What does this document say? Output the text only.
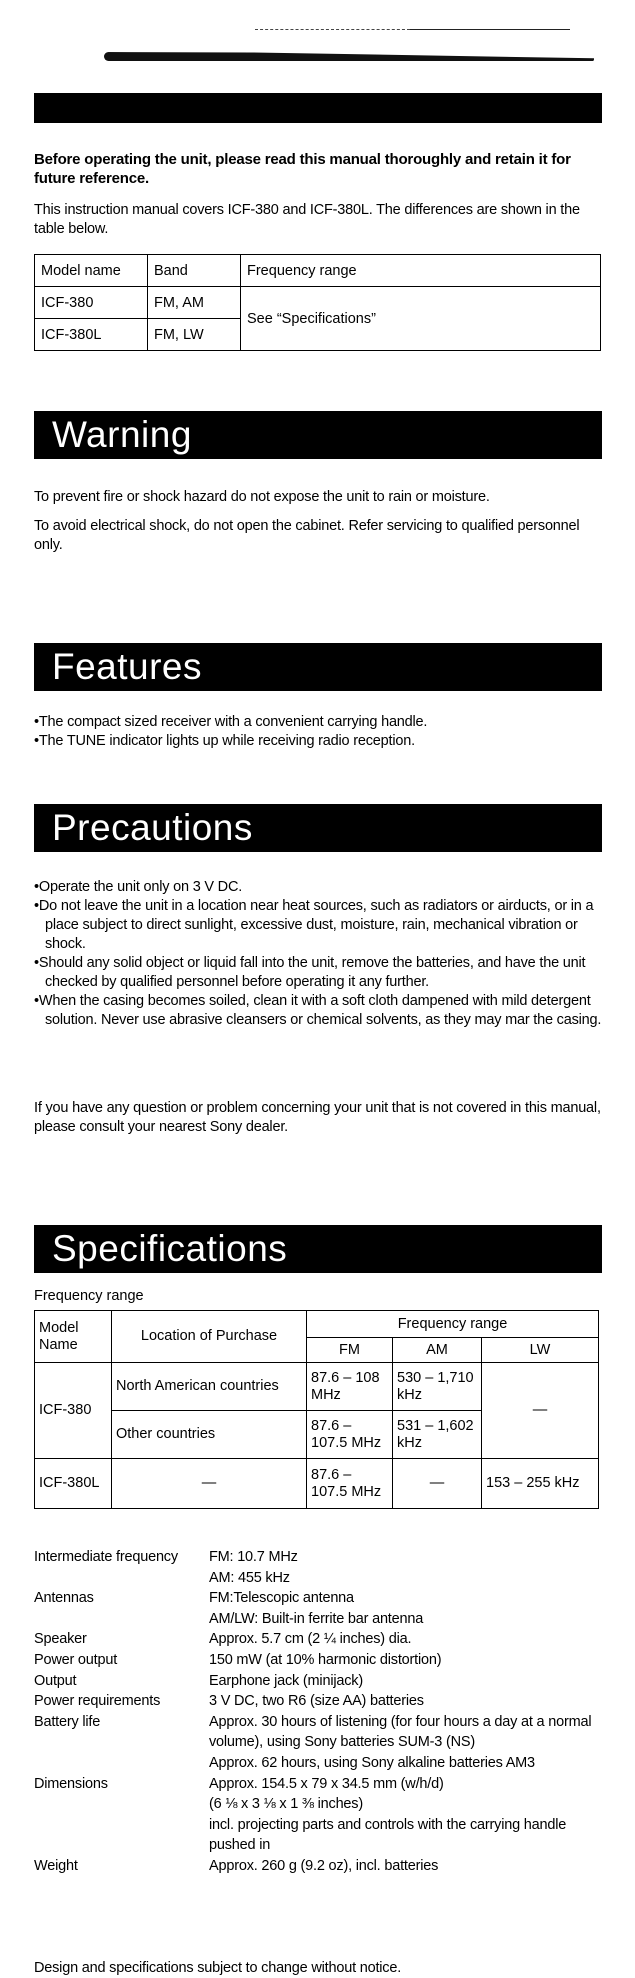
Before operating the unit, please read this manual thoroughly and retain it for future reference.
This instruction manual covers ICF-380 and ICF-380L. The differences are shown in the table below.
Model name	Band	Frequency range
ICF-380	FM, AM	See “Specifications”
ICF-380L	FM, LW	
Warning
To prevent fire or shock hazard do not expose the unit to rain or moisture.
To avoid electrical shock, do not open the cabinet. Refer servicing to qualified personnel only.
Features
•The compact sized receiver with a convenient carrying handle.
•The TUNE indicator lights up while receiving radio reception.
Precautions
•Operate the unit only on 3 V DC.
•Do not leave the unit in a location near heat sources, such as radiators or airducts, or in a place subject to direct sunlight, excessive dust, moisture, rain, mechanical vibration or shock.
•Should any solid object or liquid fall into the unit, remove the batteries, and have the unit checked by qualified personnel before operating it any further.
•When the casing becomes soiled, clean it with a soft cloth dampened with mild detergent solution. Never use abrasive cleansers or chemical solvents, as they may mar the casing.
If you have any question or problem concerning your unit that is not covered in this manual, please consult your nearest Sony dealer.
Specifications
Frequency range
Model Name	Location of Purchase	Frequency range		
		FM	AM	LW
ICF-380	North American countries	87.6 – 108 MHz	530 – 1,710 kHz	—
	Other countries	87.6 – 107.5 MHz	531 – 1,602 kHz	
ICF-380L	—	87.6 – 107.5 MHz	—	153 – 255 kHz
Intermediate frequency	FM: 10.7 MHz
AM: 455 kHz
Antennas	FM:Telescopic antenna
AM/LW: Built-in ferrite bar antenna
Speaker	Approx. 5.7 cm (2 ¼ inches) dia.
Power output	150 mW (at 10% harmonic distortion)
Output	Earphone jack (minijack)
Power requirements	3 V DC, two R6 (size AA) batteries
Battery life	Approx. 30 hours of listening (for four hours a day at a normal volume), using Sony batteries SUM-3 (NS)
Approx. 62 hours, using Sony alkaline batteries AM3
Dimensions	Approx. 154.5 x 79 x 34.5 mm (w/h/d)
(6 ⅛ x 3 ⅛ x 1 ⅜ inches)
incl. projecting parts and controls with the carrying handle pushed in
Weight	Approx. 260 g (9.2 oz), incl. batteries
Design and specifications subject to change without notice.
